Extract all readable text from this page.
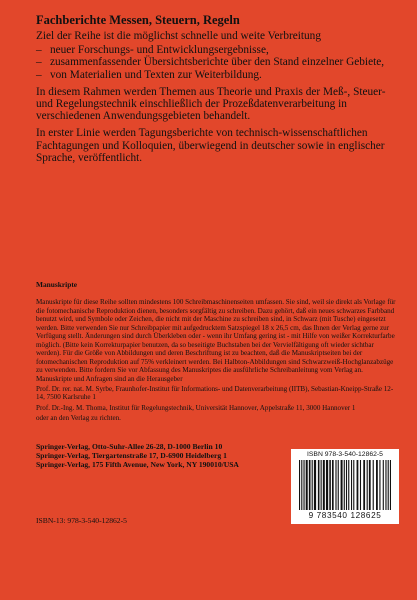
Fachberichte Messen, Steuern, Regeln

Ziel der Reihe ist die möglichst schnelle und weite Verbreitung

– neuer Forschungs- und Entwicklungsergebnisse,
– zusammenfassender Übersichtsberichte über den Stand einzelner Gebiete,
– von Materialien und Texten zur Weiterbildung.

In diesem Rahmen werden Themen aus Theorie und Praxis der Meß-, Steuer- und Regelungstechnik einschließlich der Prozeßdatenverarbeitung in verschiedenen Anwendungsgebieten behandelt.

In erster Linie werden Tagungsberichte von technisch-wissenschaftlichen Fachtagungen und Kolloquien, überwiegend in deutscher sowie in englischer Sprache, veröffentlicht.

Manuskripte

Manuskripte für diese Reihe sollten mindestens 100 Schreibmaschinenseiten umfassen. Sie sind, weil sie direkt als Vorlage für die fotomechanische Reproduktion dienen, besonders sorgfältig zu schreiben. Dazu gehört, daß ein neues schwarzes Farbband benutzt wird, und Symbole oder Zeichen, die nicht mit der Maschine zu schreiben sind, in Schwarz (mit Tusche) eingesetzt werden. Bitte verwenden Sie nur Schreibpapier mit aufgedrucktem Satzspiegel 18 x 26,5 cm, das Ihnen der Verlag gerne zur Verfügung stellt. Änderungen sind durch Überkleben oder - wenn ihr Umfang gering ist - mit Hilfe von weißer Korrekturfarbe möglich. (Bitte kein Korrekturpapier benutzen, da so beseitigte Buchstaben bei der Vervielfältigung oft wieder sichtbar werden). Für die Größe von Abbildungen und deren Beschriftung ist zu beachten, daß die Manuskriptseiten bei der fotomechanischen Reproduktion auf 75% verkleinert werden. Bei Halbton-Abbildungen sind Schwarzweiß-Hochglanzabzüge zu verwenden. Bitte fordern Sie vor Abfassung des Manuskriptes die ausführliche Schreibanleitung vom Verlag an. Manuskripte und Anfragen sind an die Herausgeber

Prof. Dr. rer. nat. M. Syrbe, Fraunhofer-Institut für Informations- und Datenverarbeitung (IITB), Sebastian-Kneipp-Straße 12-14, 7500 Karlsruhe 1

Prof. Dr.-Ing. M. Thoma, Institut für Regelungstechnik, Universität Hannover, Appelstraße 11, 3000 Hannover 1

oder an den Verlag zu richten.
Springer-Verlag, Otto-Suhr-Allee 26-28, D-1000 Berlin 10
Springer-Verlag, Tiergartenstraße 17, D-6900 Heidelberg 1
Springer-Verlag, 175 Fifth Avenue, New York, NY 190010/USA
ISBN-13: 978-3-540-12862-5
ISBN 978-3-540-12862-5
9 783540 128625
